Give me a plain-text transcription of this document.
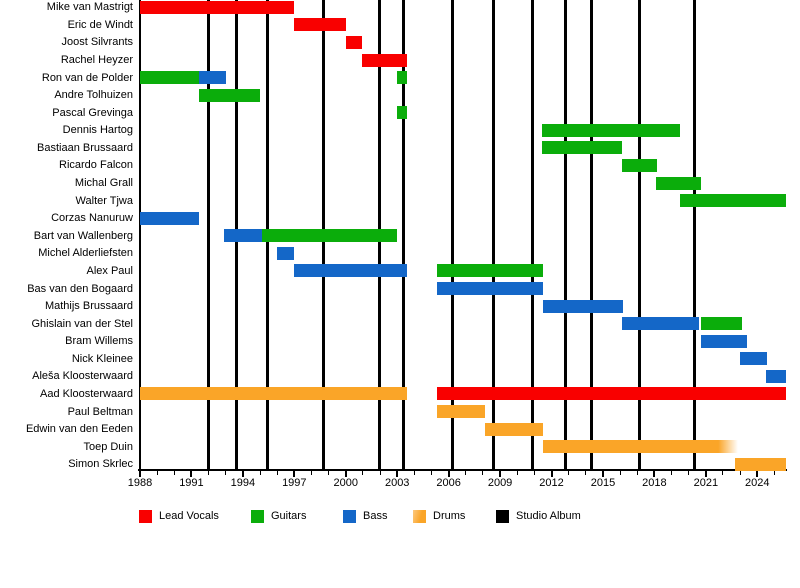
1988	1991	1994	1997	2000	2003	2006	2009	2012	2015	2018	2021	2024
Mike van Mastrigt
Eric de Windt
Joost Silvrants
Rachel Heyzer
Ron van de Polder
Andre Tolhuizen
Pascal Grevinga
Dennis Hartog
Bastiaan Brussaard
Ricardo Falcon
Michal Grall
Walter Tjwa
Corzas Nanuruw
Bart van Wallenberg
Michel Alderliefsten
Alex Paul
Bas van den Bogaard
Mathijs Brussaard
Ghislain van der Stel
Bram Willems
Nick Kleinee
Aleša Kloosterwaard
Aad Kloosterwaard
Paul Beltman
Edwin van den Eeden
Toep Duin
Simon Skrlec
Lead Vocals	Guitars	Bass	Drums	Studio Album
